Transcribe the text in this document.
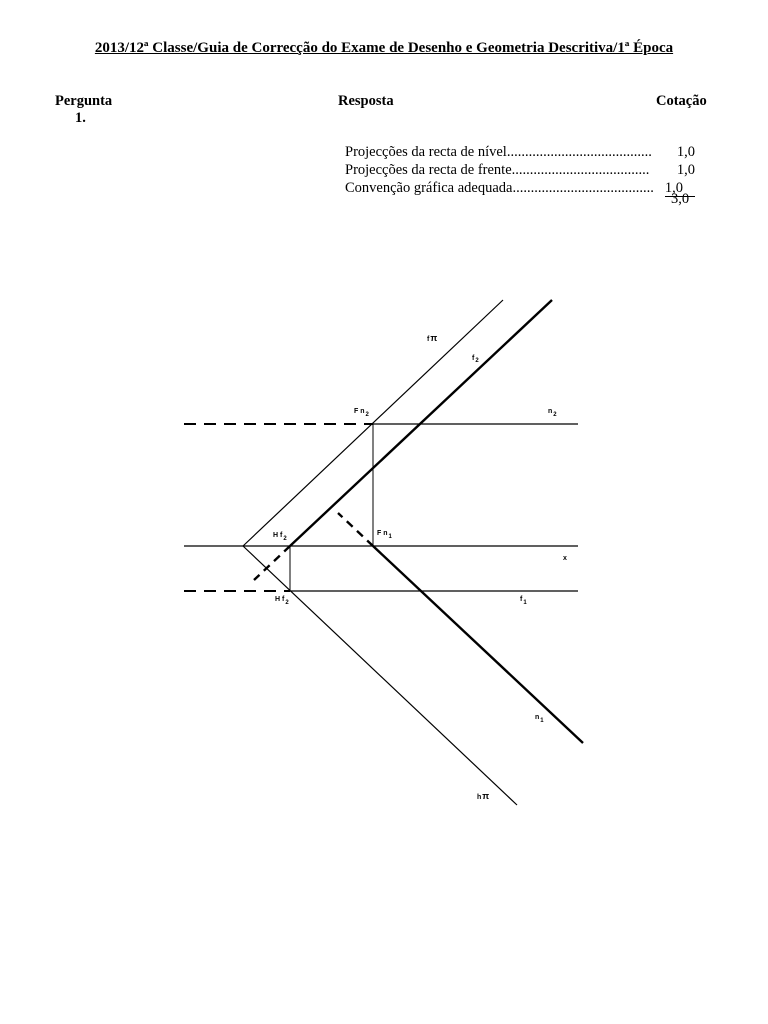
2013/12ª Classe/Guia de Correcção do Exame de Desenho e Geometria Descritiva/1ª Época
Pergunta	Resposta	Cotação
1.
Projecções da recta de nível........................................ 1,0
Projecções da recta de frente...................................... 1,0
Convenção gráfica adequada....................................... 1,0
3,0
fπ
f2
F n2	n2
H f2
F n1
x
H f2	f1
n1
hπ
